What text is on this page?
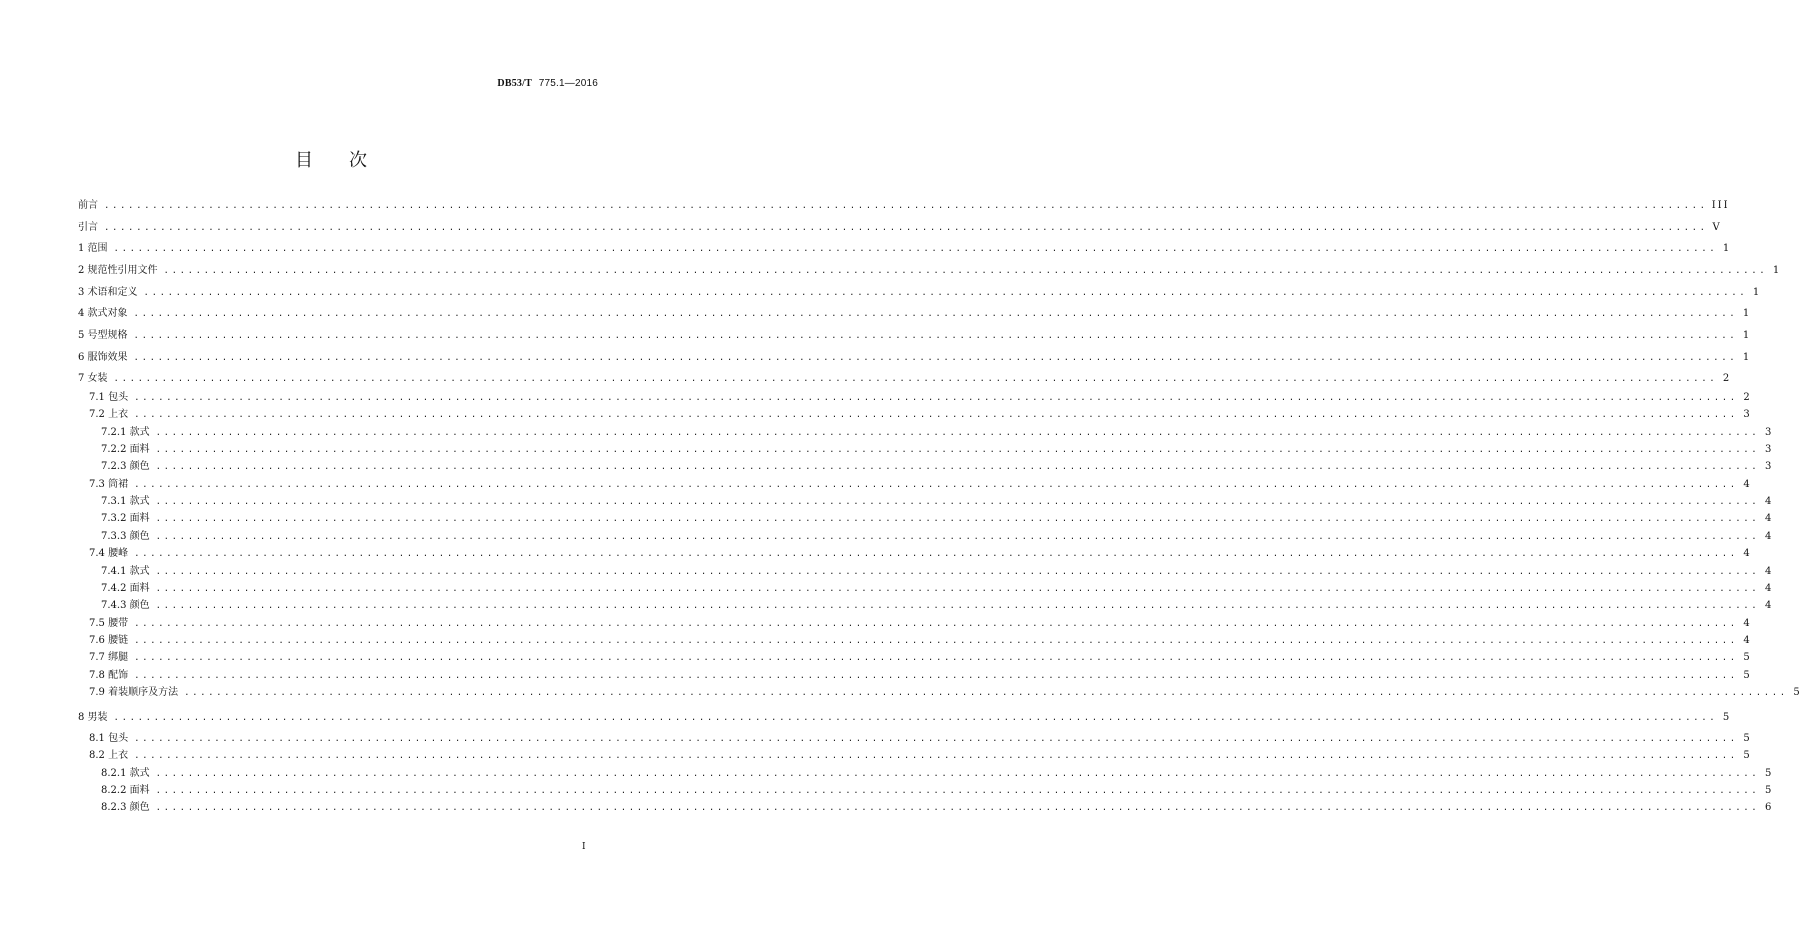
DB53/T 775.1—2016
目次
前言 ........................................................................................................................................................................................................ III
引言 ........................................................................................................................................................................................................ V
1 范围 ........................................................................................................................................................................................................ 1
2 规范性引用文件 ........................................................................................................................................................................................................ 1
3 术语和定义 ........................................................................................................................................................................................................ 1
4 款式对象 ........................................................................................................................................................................................................ 1
5 号型规格 ........................................................................................................................................................................................................ 1
6 服饰效果 ........................................................................................................................................................................................................ 1
7 女装 ........................................................................................................................................................................................................ 2
7.1 包头 ........................................................................................................................................................................................................ 2
7.2 上衣 ........................................................................................................................................................................................................ 3
7.2.1 款式 ........................................................................................................................................................................................................ 3
7.2.2 面料 ........................................................................................................................................................................................................ 3
7.2.3 颜色 ........................................................................................................................................................................................................ 3
7.3 筒裙 ........................................................................................................................................................................................................ 4
7.3.1 款式 ........................................................................................................................................................................................................ 4
7.3.2 面料 ........................................................................................................................................................................................................ 4
7.3.3 颜色 ........................................................................................................................................................................................................ 4
7.4 腰峰 ........................................................................................................................................................................................................ 4
7.4.1 款式 ........................................................................................................................................................................................................ 4
7.4.2 面料 ........................................................................................................................................................................................................ 4
7.4.3 颜色 ........................................................................................................................................................................................................ 4
7.5 腰带 ........................................................................................................................................................................................................ 4
7.6 腰链 ........................................................................................................................................................................................................ 4
7.7 绑腿 ........................................................................................................................................................................................................ 5
7.8 配饰 ........................................................................................................................................................................................................ 5
7.9 着装顺序及方法 ........................................................................................................................................................................................................ 5
8 男装 ........................................................................................................................................................................................................ 5
8.1 包头 ........................................................................................................................................................................................................ 5
8.2 上衣 ........................................................................................................................................................................................................ 5
8.2.1 款式 ........................................................................................................................................................................................................ 5
8.2.2 面料 ........................................................................................................................................................................................................ 5
8.2.3 颜色 ........................................................................................................................................................................................................ 6
I
